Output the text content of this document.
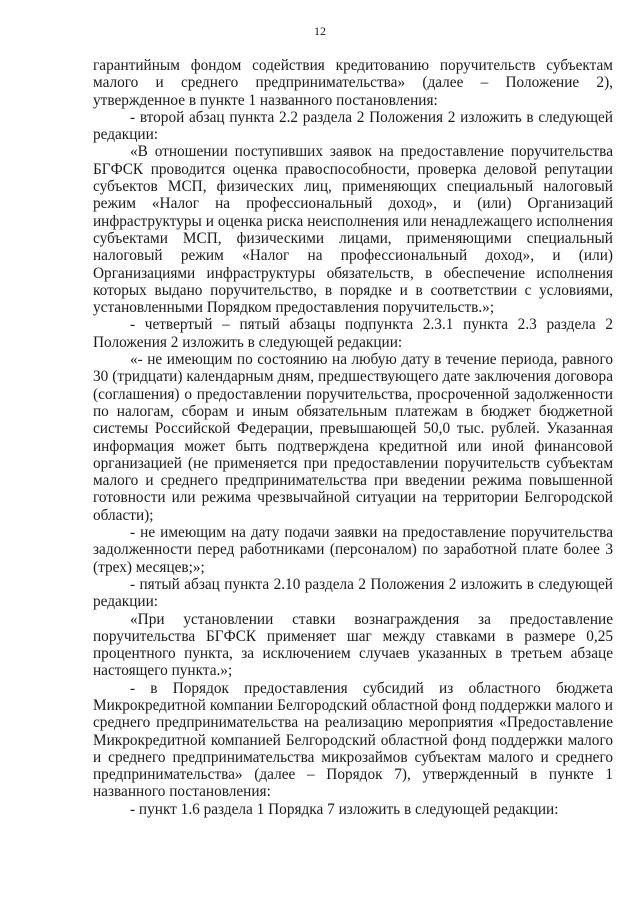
12

гарантийным фондом содействия кредитованию поручительств субъектам малого и среднего предпринимательства» (далее – Положение 2), утвержденное в пункте 1 названного постановления:

- второй абзац пункта 2.2 раздела 2 Положения 2 изложить в следующей редакции:

«В отношении поступивших заявок на предоставление поручительства БГФСК проводится оценка правоспособности, проверка деловой репутации субъектов МСП, физических лиц, применяющих специальный налоговый режим «Налог на профессиональный доход», и (или) Организаций инфраструктуры и оценка риска неисполнения или ненадлежащего исполнения субъектами МСП, физическими лицами, применяющими специальный налоговый режим «Налог на профессиональный доход», и (или) Организациями инфраструктуры обязательств, в обеспечение исполнения которых выдано поручительство, в порядке и в соответствии с условиями, установленными Порядком предоставления поручительств.»;

- четвертый – пятый абзацы подпункта 2.3.1 пункта 2.3 раздела 2 Положения 2 изложить в следующей редакции:

«- не имеющим по состоянию на любую дату в течение периода, равного 30 (тридцати) календарным дням, предшествующего дате заключения договора (соглашения) о предоставлении поручительства, просроченной задолженности по налогам, сборам и иным обязательным платежам в бюджет бюджетной системы Российской Федерации, превышающей 50,0 тыс. рублей. Указанная информация может быть подтверждена кредитной или иной финансовой организацией (не применяется при предоставлении поручительств субъектам малого и среднего предпринимательства при введении режима повышенной готовности или режима чрезвычайной ситуации на территории Белгородской области);

- не имеющим на дату подачи заявки на предоставление поручительства задолженности перед работниками (персоналом) по заработной плате более 3 (трех) месяцев;»;

- пятый абзац пункта 2.10 раздела 2 Положения 2 изложить в следующей редакции:

«При установлении ставки вознаграждения за предоставление поручительства БГФСК применяет шаг между ставками в размере 0,25 процентного пункта, за исключением случаев указанных в третьем абзаце настоящего пункта.»;

- в Порядок предоставления субсидий из областного бюджета Микрокредитной компании Белгородский областной фонд поддержки малого и среднего предпринимательства на реализацию мероприятия «Предоставление Микрокредитной компанией Белгородский областной фонд поддержки малого и среднего предпринимательства микрозаймов субъектам малого и среднего предпринимательства» (далее – Порядок 7), утвержденный в пункте 1 названного постановления:

- пункт 1.6 раздела 1 Порядка 7 изложить в следующей редакции:
